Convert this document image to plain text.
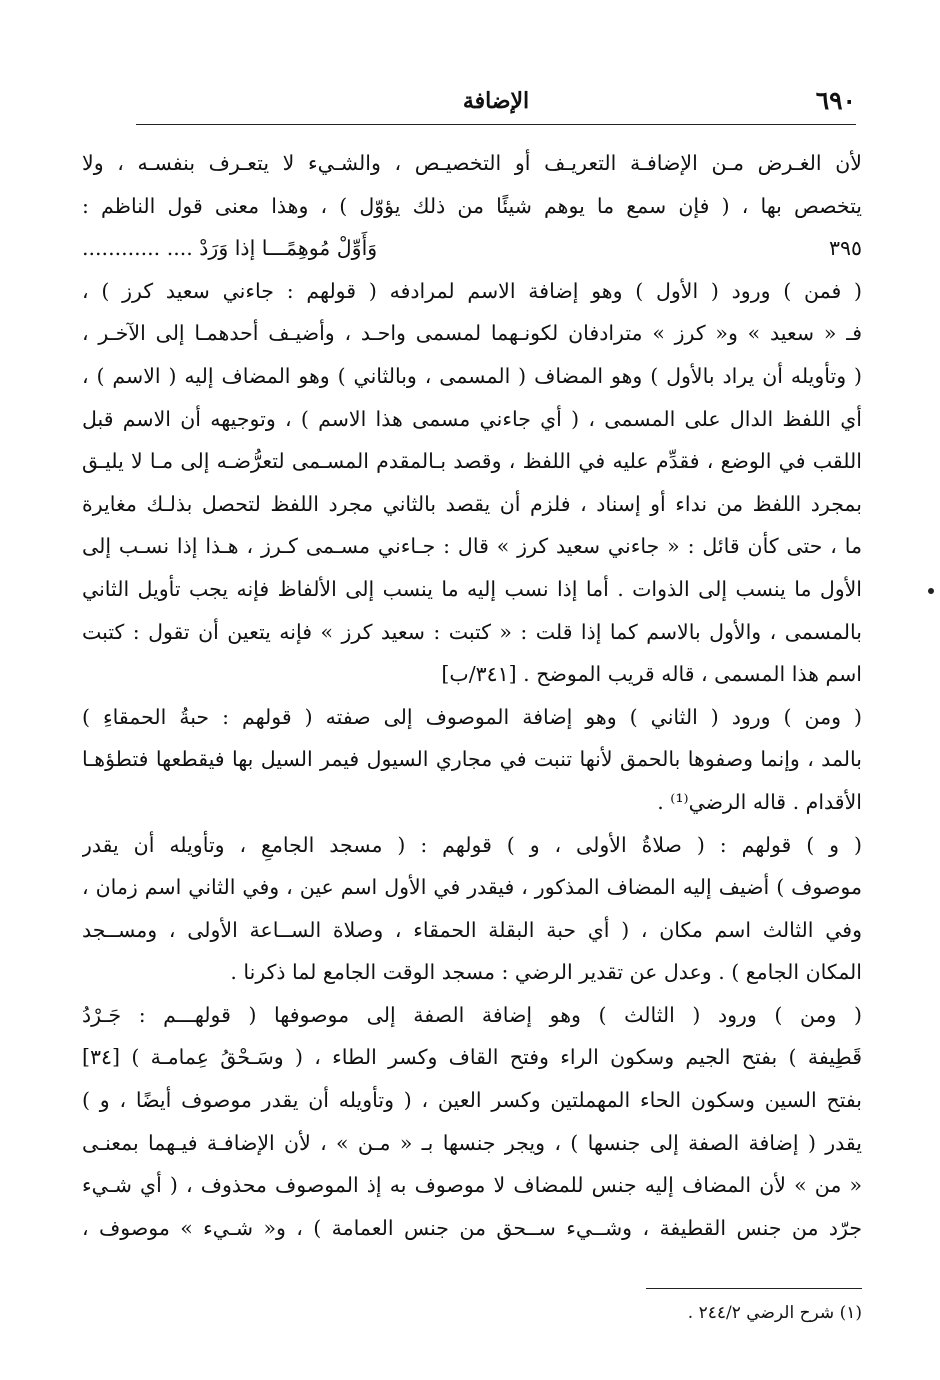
٦٩٠
الإضافة
لأن الغـرض مـن الإضافـة التعريـف أو التخصيـص ، والشـيء لا يتعـرف بنفسـه ، ولا
يتخصص بها ، ( فإن سمع ما يوهم شيئًا من ذلك يؤوّل ) ، وهذا معنى قول الناظم :
٣٩٥
وَأَوِّلْ مُوهِمًـــا إذا وَرَدْ .... ............
( فمن ) ورود ( الأول ) وهو إضافة الاسم لمرادفه ( قولهم : جاءني سعيد كرز ) ،
فـ « سعيد » و« كرز » مترادفان لكونـهما لمسمى واحـد ، وأضيـف أحدهمـا إلى الآخـر ،
( وتأويله أن يراد بالأول ) وهو المضاف ( المسمى ، وبالثاني ) وهو المضاف إليه ( الاسم ) ،
أي اللفظ الدال على المسمى ، ( أي جاءني مسمى هذا الاسم ) ، وتوجيهه أن الاسم قبل
اللقب في الوضع ، فقدِّم عليه في اللفظ ، وقصد بـالمقدم المسـمى لتعرُّضـه إلى مـا لا يليـق
بمجرد اللفظ من نداء أو إسناد ، فلزم أن يقصد بالثاني مجرد اللفظ لتحصل بذلـك مغايرة
ما ، حتى كأن قائل : « جاءني سعيد كرز » قال : جـاءني مسـمى كـرز ، هـذا إذا نسـب إلى
الأول ما ينسب إلى الذوات . أما إذا نسب إليه ما ينسب إلى الألفاظ فإنه يجب تأويل الثاني
بالمسمى ، والأول بالاسم كما إذا قلت : « كتبت : سعيد كرز » فإنه يتعين أن تقول : كتبت
اسم هذا المسمى ، قاله قريب الموضح . [٣٤١/ب]
( ومن ) ورود ( الثاني ) وهو إضافة الموصوف إلى صفته ( قولهم : حبةُ الحمقاءِ )
بالمد ، وإنما وصفوها بالحمق لأنها تنبت في مجاري السيول فيمر السيل بها فيقطعها فتطؤهـا
الأقدام . قاله الرضي⁽¹⁾ .
( و ) قولهم : ( صلاةُ الأولى ، و ) قولهم : ( مسجد الجامعِ ، وتأويله أن يقدر
موصوف ) أضيف إليه المضاف المذكور ، فيقدر في الأول اسم عين ، وفي الثاني اسم زمان ،
وفي الثالث اسم مكان ، ( أي حبة البقلة الحمقاء ، وصلاة الســاعة الأولى ، ومســجد
المكان الجامع ) . وعدل عن تقدير الرضي : مسجد الوقت الجامع لما ذكرنا .
( ومن ) ورود ( الثالث ) وهو إضافة الصفة إلى موصوفها ( قولهـــم : جَـرْدُ
قَطِيفة ) بفتح الجيم وسكون الراء وفتح القاف وكسر الطاء ، ( وسَـحْقُ عِمامـة ) [٣٤]
بفتح السين وسكون الحاء المهملتين وكسر العين ، ( وتأويله أن يقدر موصوف أيضًا ، و )
يقدر ( إضافة الصفة إلى جنسها ) ، ويجر جنسها بـ « مـن » ، لأن الإضافـة فيـهما بمعنـى
« من » لأن المضاف إليه جنس للمضاف لا موصوف به إذ الموصوف محذوف ، ( أي شـيء
جرّد من جنس القطيفة ، وشــيء ســحق من جنس العمامة ) ، و« شـيء » موصوف ،
(١) شرح الرضي ٢٤٤/٢ .
